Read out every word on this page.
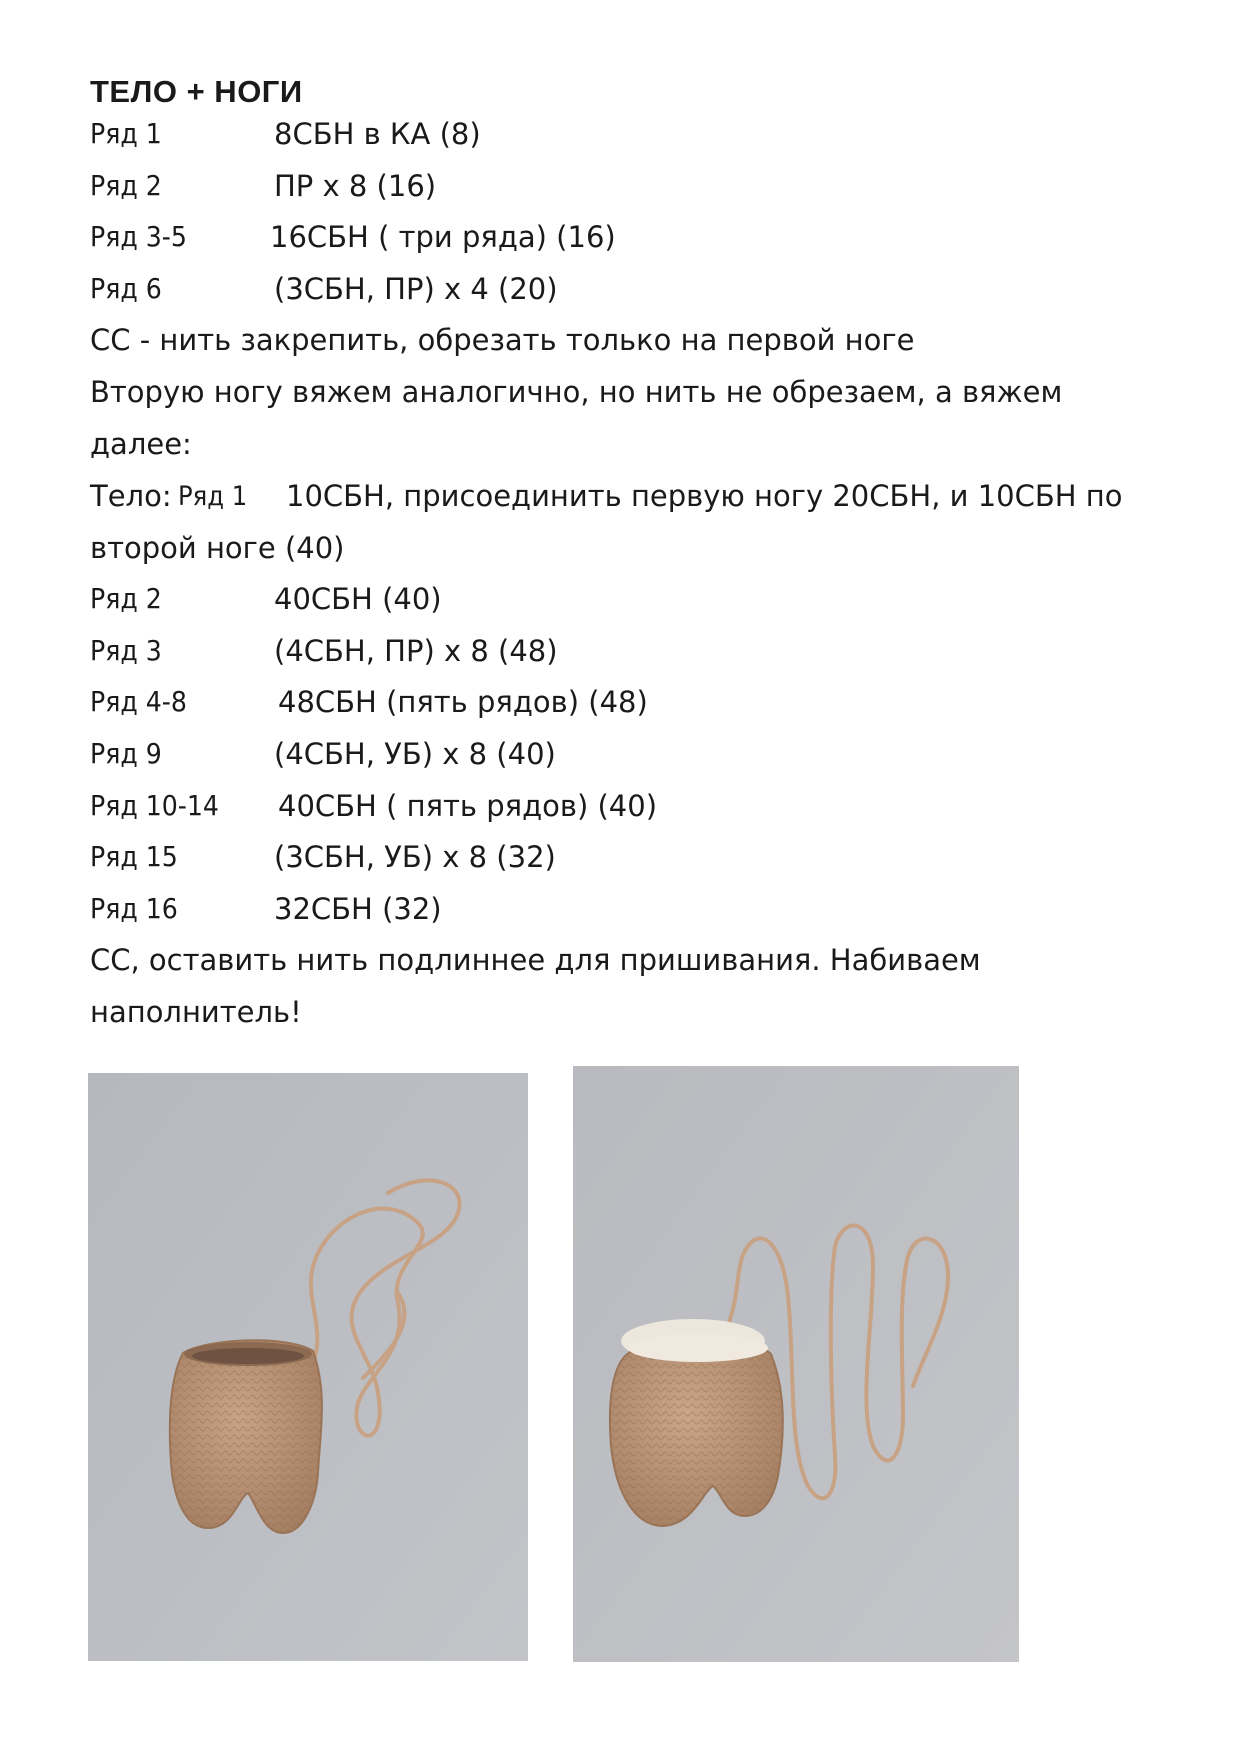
ТЕЛО + НОГИ
Ряд 1	8СБН в КА (8)
Ряд 2	ПР х 8 (16)
Ряд 3-5	16СБН ( три ряда) (16)
Ряд 6	(3СБН, ПР) х 4 (20)
СС - нить закрепить, обрезать только на первой ноге
Вторую ногу вяжем аналогично, но нить не обрезаем, а вяжем
далее:
Тело: Ряд 1 10СБН, присоединить первую ногу 20СБН, и 10СБН по
второй ноге (40)
Ряд 2	40СБН (40)
Ряд 3	(4СБН, ПР) х 8 (48)
Ряд 4-8	48СБН (пять рядов) (48)
Ряд 9	(4СБН, УБ) х 8 (40)
Ряд 10-14 40СБН ( пять рядов) (40)
Ряд 15	(3СБН, УБ) х 8 (32)
Ряд 16	32СБН (32)
СС, оставить нить подлиннее для пришивания. Набиваем
наполнитель!
